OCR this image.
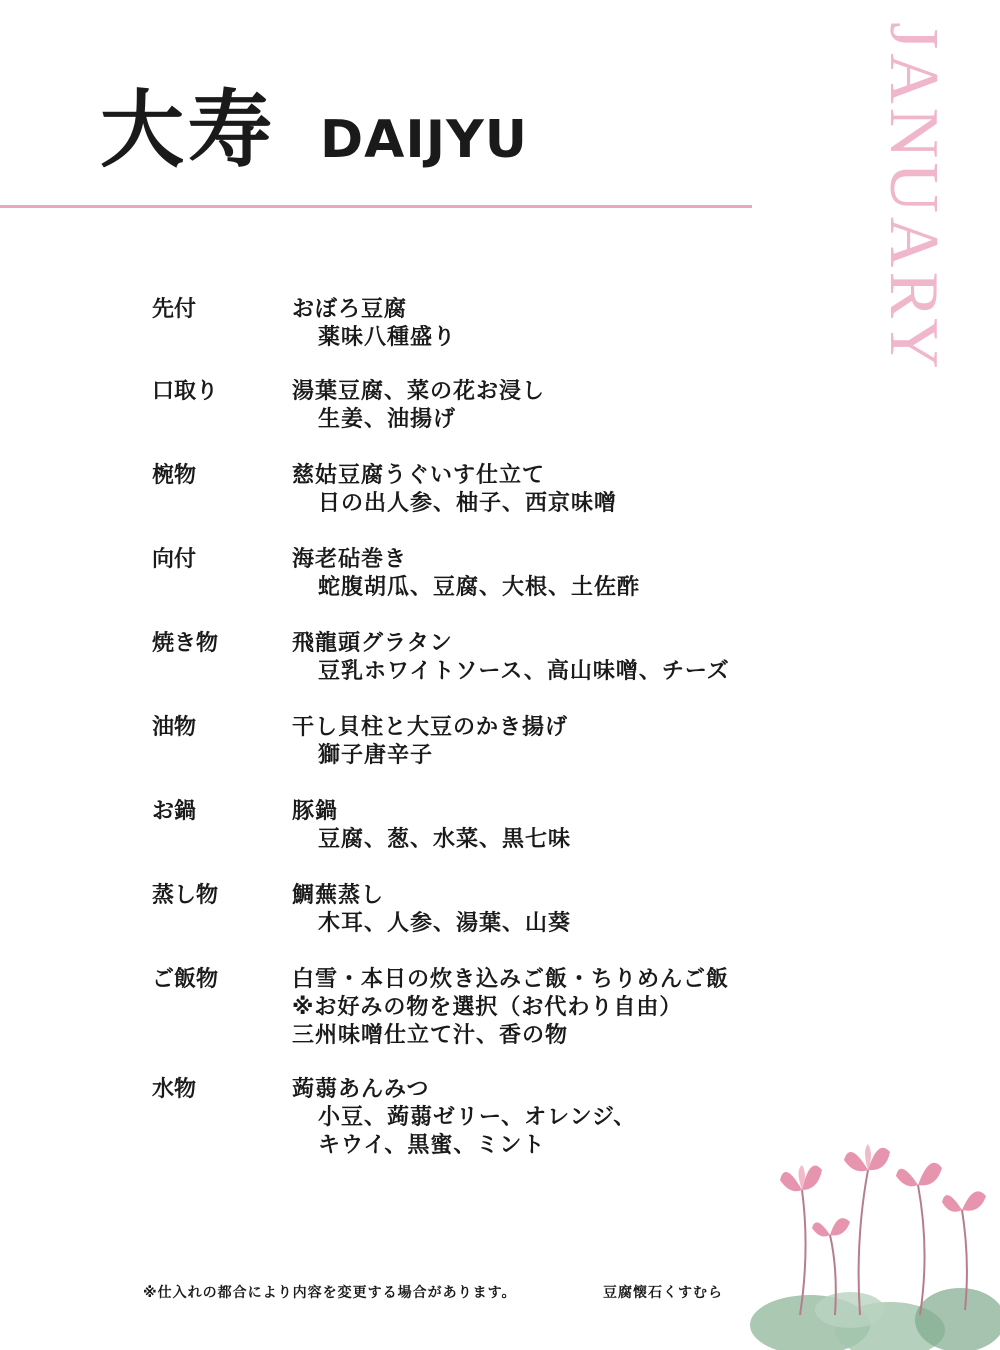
大寿 DAIJYU	JANUARY
先付	おぼろ豆腐
薬味八種盛り
口取り	湯葉豆腐、菜の花お浸し
生姜、油揚げ
椀物	慈姑豆腐うぐいす仕立て
日の出人参、柚子、西京味噌
向付	海老砧巻き
蛇腹胡瓜、豆腐、大根、土佐酢
焼き物	飛龍頭グラタン
豆乳ホワイトソース、高山味噌、チーズ
油物	干し貝柱と大豆のかき揚げ
獅子唐辛子
お鍋	豚鍋
豆腐、葱、水菜、黒七味
蒸し物	鯛蕪蒸し
木耳、人参、湯葉、山葵
ご飯物	白雪・本日の炊き込みご飯・ちりめんご飯
※お好みの物を選択（お代わり自由）
三州味噌仕立て汁、香の物
水物	蒟蒻あんみつ
小豆、蒟蒻ゼリー、オレンジ、
キウイ、黒蜜、ミント
※仕入れの都合により内容を変更する場合があります。	豆腐懐石くすむら
